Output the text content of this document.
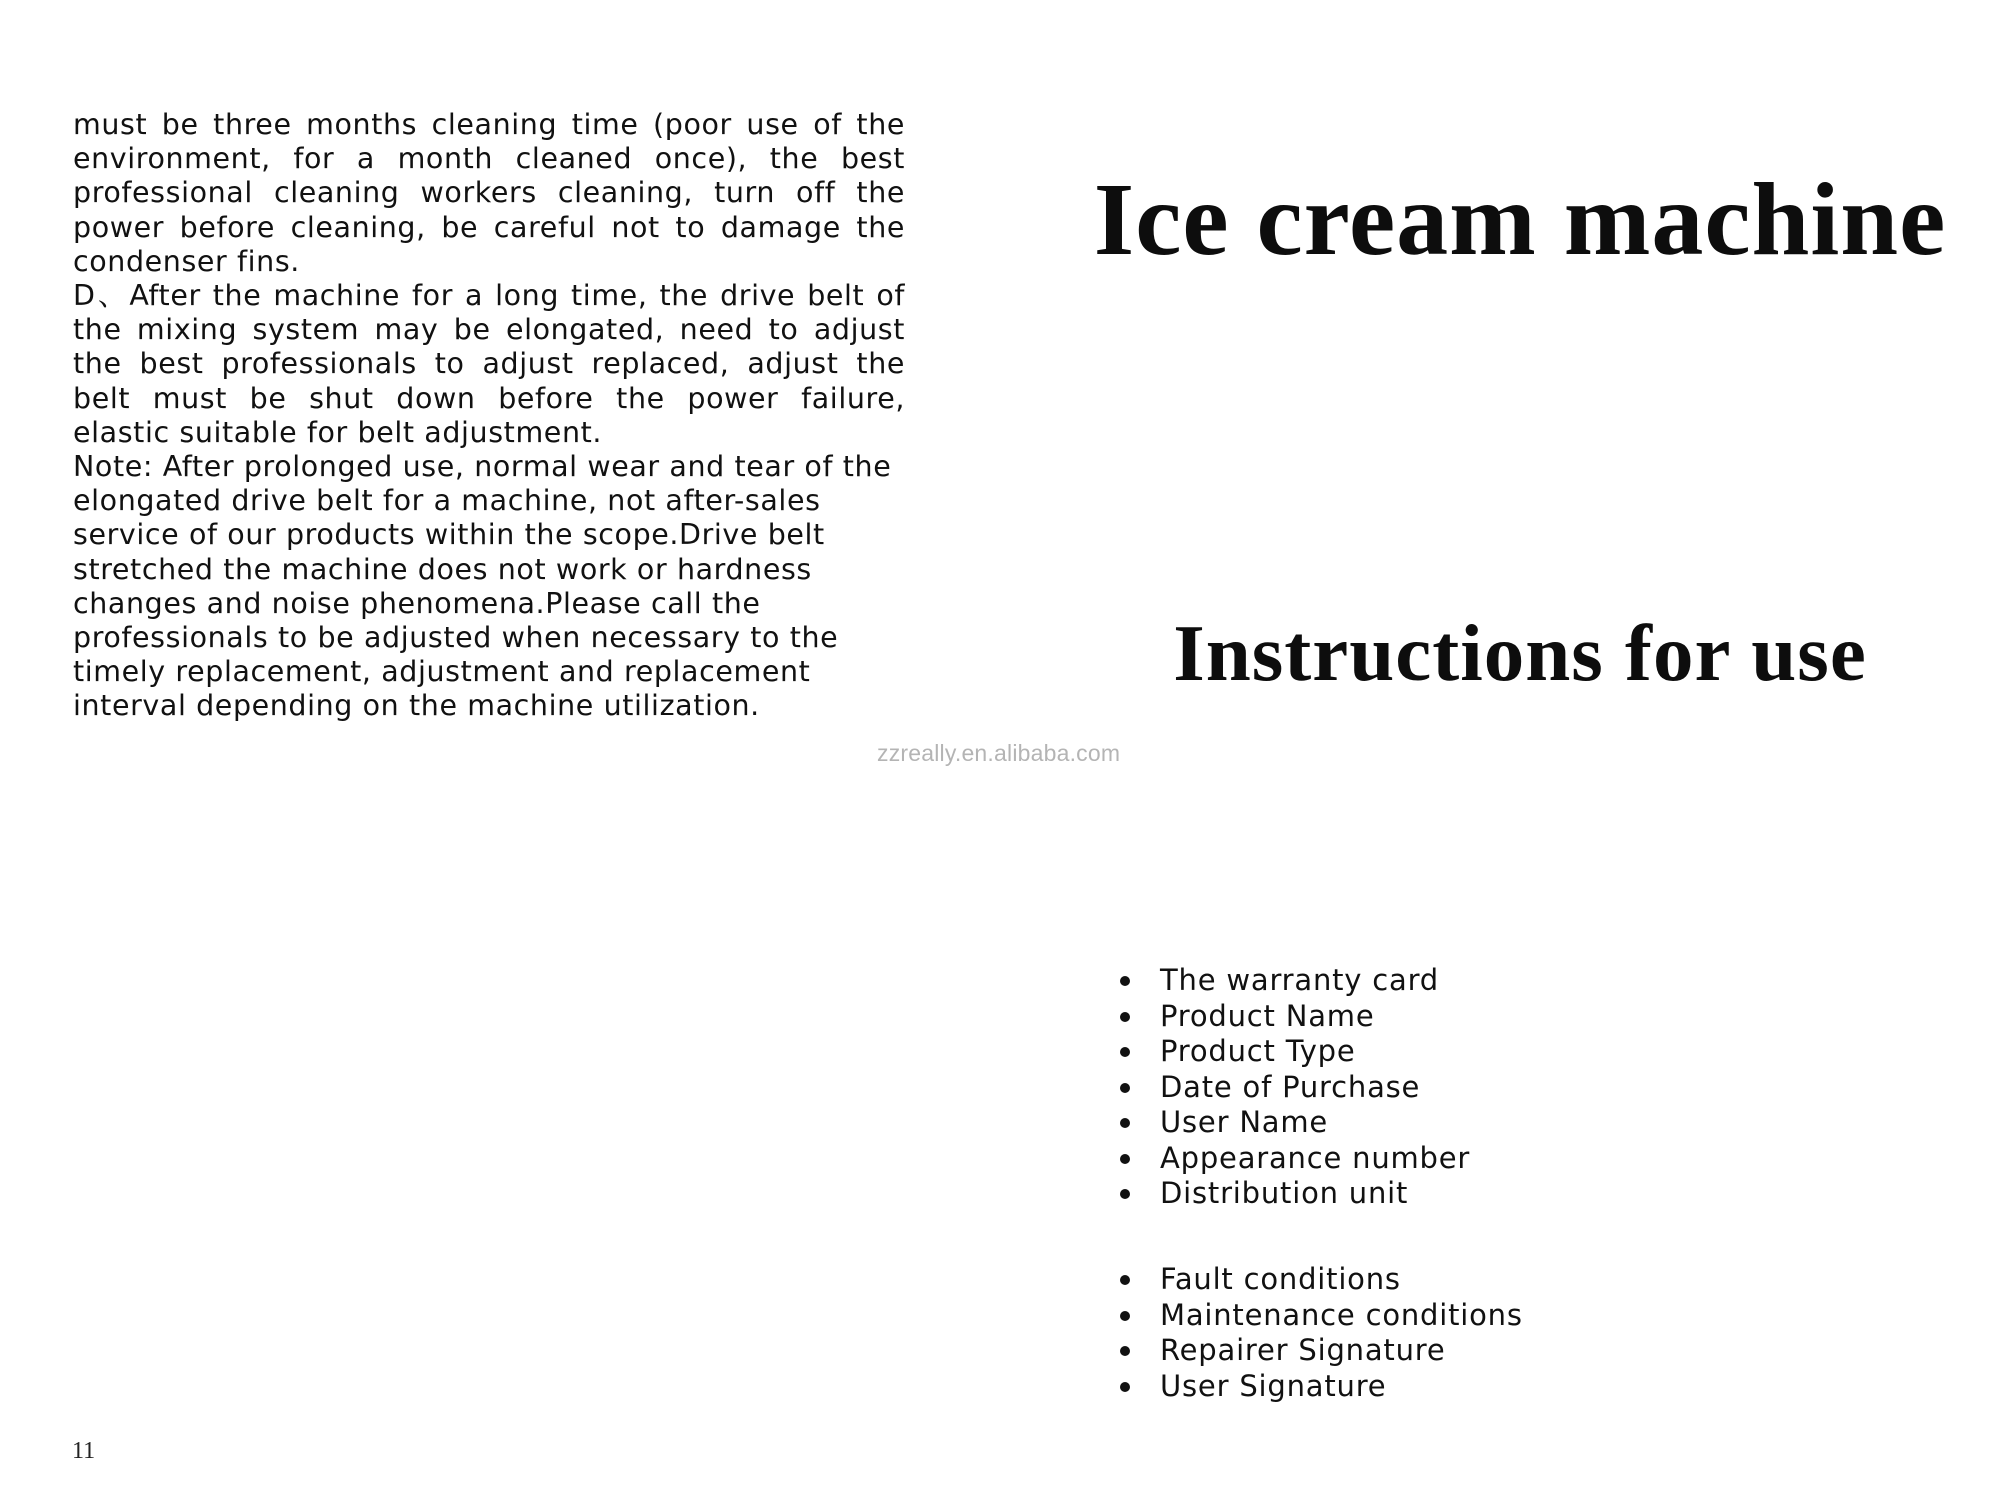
must be three months cleaning time (poor use of the environment, for a month cleaned once), the best professional cleaning workers cleaning, turn off the power before cleaning, be careful not to damage the condenser fins.

D、After the machine for a long time, the drive belt of the mixing system may be elongated, need to adjust the best professionals to adjust replaced, adjust the belt must be shut down before the power failure, elastic suitable for belt adjustment.

Note: After prolonged use, normal wear and tear of the elongated drive belt for a machine, not after-sales service of our products within the scope.Drive belt stretched the machine does not work or hardness changes and noise phenomena.Please call the professionals to be adjusted when necessary to the timely replacement, adjustment and replacement interval depending on the machine utilization.

zzreally.en.alibaba.com
11
Ice cream machine
Instructions for use
The warranty card
Product Name
Product Type
Date of Purchase
User Name
Appearance number
Distribution unit
Fault conditions
Maintenance conditions
Repairer Signature
User Signature
